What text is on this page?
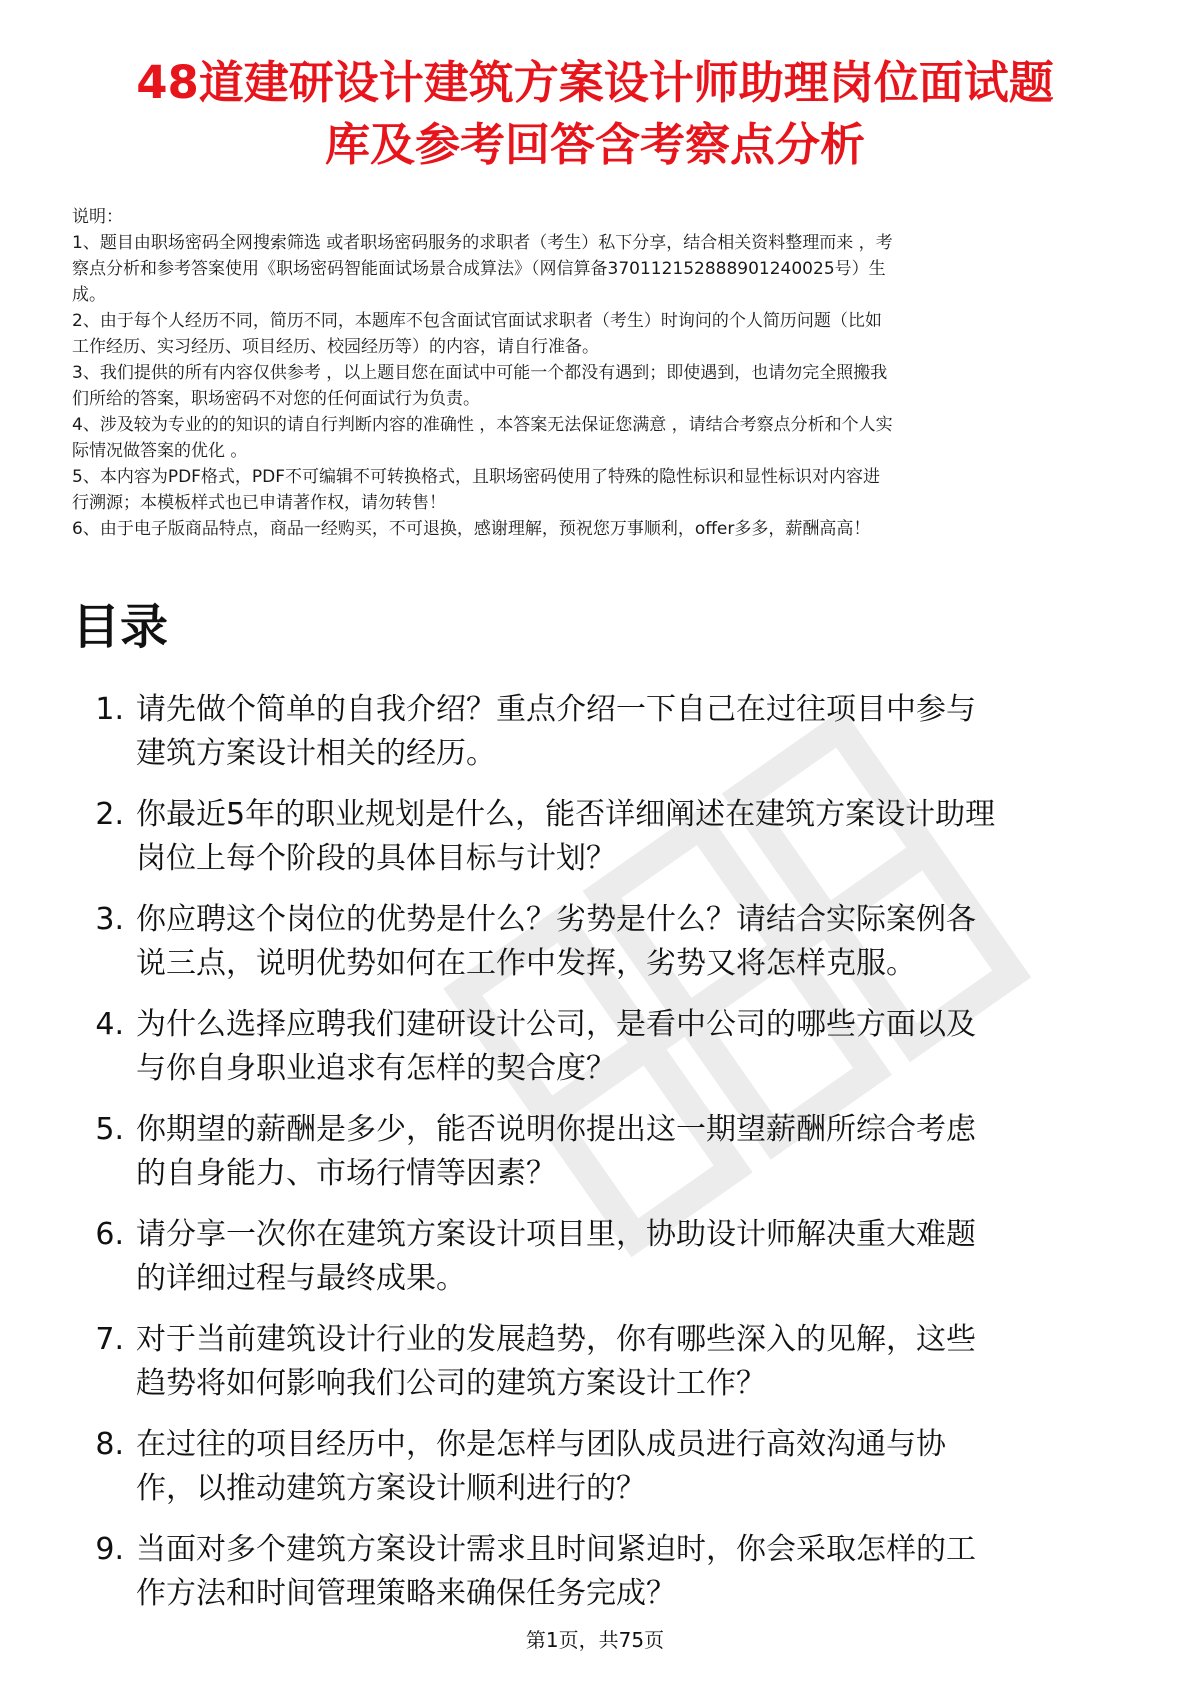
48道建研设计建筑方案设计师助理岗位面试题
库及参考回答含考察点分析
说明：
1、题目由职场密码全网搜索筛选 或者职场密码服务的求职者（考生）私下分享，结合相关资料整理而来 ，考
察点分析和参考答案使用《职场密码智能面试场景合成算法》（网信算备370112152888901240025号）生
成。
2、由于每个人经历不同，简历不同，本题库不包含面试官面试求职者（考生）时询问的个人简历问题（比如
工作经历、实习经历、项目经历、校园经历等）的内容，请自行准备。
3、我们提供的所有内容仅供参考 ，以上题目您在面试中可能一个都没有遇到；即使遇到，也请勿完全照搬我
们所给的答案，职场密码不对您的任何面试行为负责。
4、涉及较为专业的的知识的请自行判断内容的准确性 ，本答案无法保证您满意 ，请结合考察点分析和个人实
际情况做答案的优化 。
5、本内容为PDF格式，PDF不可编辑不可转换格式，且职场密码使用了特殊的隐性标识和显性标识对内容进
行溯源；本模板样式也已申请著作权，请勿转售！
6、由于电子版商品特点，商品一经购买，不可退换，感谢理解，预祝您万事顺利，offer多多，薪酬高高！
目录
1. 请先做个简单的自我介绍？重点介绍一下自己在过往项目中参与
建筑方案设计相关的经历。
2. 你最近5年的职业规划是什么，能否详细阐述在建筑方案设计助理
岗位上每个阶段的具体目标与计划？
3. 你应聘这个岗位的优势是什么？劣势是什么？请结合实际案例各
说三点，说明优势如何在工作中发挥，劣势又将怎样克服。
4. 为什么选择应聘我们建研设计公司，是看中公司的哪些方面以及
与你自身职业追求有怎样的契合度？
5. 你期望的薪酬是多少，能否说明你提出这一期望薪酬所综合考虑
的自身能力、市场行情等因素？
6. 请分享一次你在建筑方案设计项目里，协助设计师解决重大难题
的详细过程与最终成果。
7. 对于当前建筑设计行业的发展趋势，你有哪些深入的见解，这些
趋势将如何影响我们公司的建筑方案设计工作？
8. 在过往的项目经历中，你是怎样与团队成员进行高效沟通与协
作，以推动建筑方案设计顺利进行的？
9. 当面对多个建筑方案设计需求且时间紧迫时，你会采取怎样的工
作方法和时间管理策略来确保任务完成？
第1页，共75页
